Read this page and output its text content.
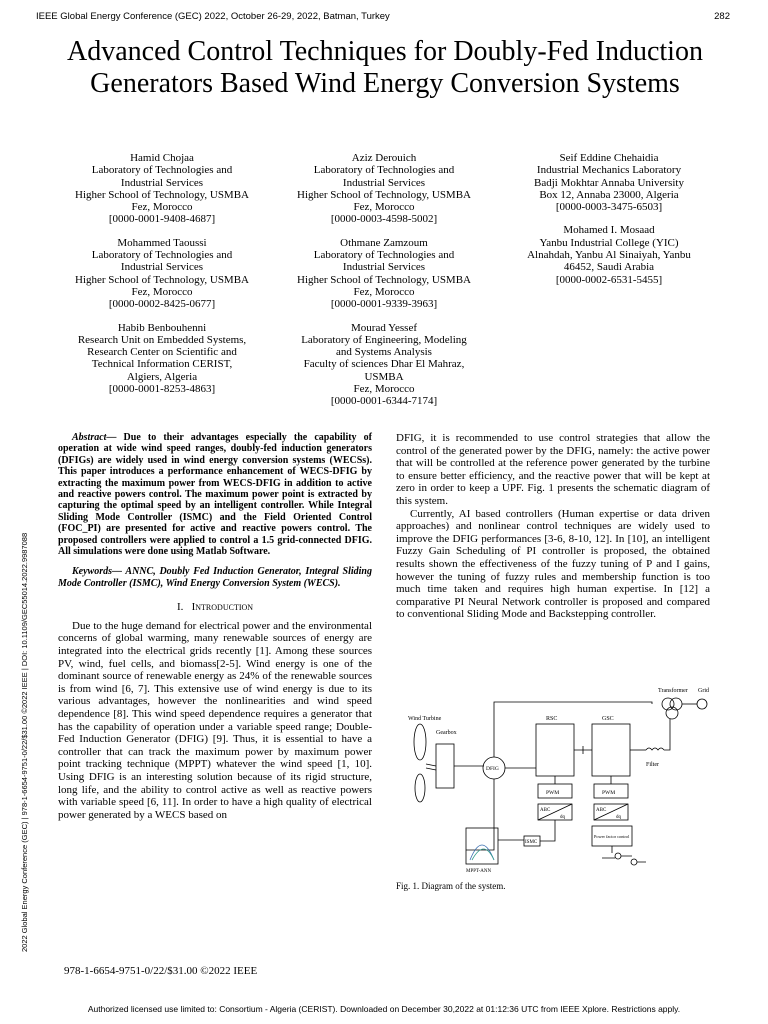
IEEE Global Energy Conference (GEC) 2022, October 26-29, 2022, Batman, Turkey	282
2022 Global Energy Conference (GEC) | 978-1-6654-9751-0/22/$31.00 ©2022 IEEE | DOI: 10.1109/GEC55014.2022.9987088
Advanced Control Techniques for Doubly-Fed Induction Generators Based Wind Energy Conversion Systems
Hamid Chojaa
Laboratory of Technologies and
Industrial Services
Higher School of Technology, USMBA
Fez, Morocco
[0000-0001-9408-4687]
Mohammed Taoussi
Laboratory of Technologies and
Industrial Services
Higher School of Technology, USMBA
Fez, Morocco
[0000-0002-8425-0677]
Habib Benbouhenni
Research Unit on Embedded Systems,
Research Center on Scientific and
Technical Information CERIST,
Algiers, Algeria
[0000-0001-8253-4863]
Aziz Derouich
Laboratory of Technologies and
Industrial Services
Higher School of Technology, USMBA
Fez, Morocco
[0000-0003-4598-5002]
Othmane Zamzoum
Laboratory of Technologies and
Industrial Services
Higher School of Technology, USMBA
Fez, Morocco
[0000-0001-9339-3963]
Mourad Yessef
Laboratory of Engineering, Modeling
and Systems Analysis
Faculty of sciences Dhar El Mahraz,
USMBA
Fez, Morocco
[0000-0001-6344-7174]
Seif Eddine Chehaidia
Industrial Mechanics Laboratory
Badji Mokhtar Annaba University
Box 12, Annaba 23000, Algeria
[0000-0003-3475-6503]
Mohamed I. Mosaad
Yanbu Industrial College (YIC)
Alnahdah, Yanbu Al Sinaiyah, Yanbu
46452, Saudi Arabia
[0000-0002-6531-5455]

Abstract— Due to their advantages especially the capability of operation at wide wind speed ranges, doubly-fed induction generators (DFIGs) are widely used in wind energy conversion systems (WECSs). This paper introduces a performance enhancement of WECS-DFIG by extracting the maximum power from WECS-DFIG in addition to active and reactive powers control. The maximum power point is extracted by capturing the optimal speed by an intelligent controller. While Integral Sliding Mode Controller (ISMC) and the Field Oriented Control (FOC_PI) are presented for active and reactive powers control. The proposed controllers were applied to control a 1.5 grid-connected DFIG. All simulations were done using Matlab Software.

Keywords— ANNC, Doubly Fed Induction Generator, Integral Sliding Mode Controller (ISMC), Wind Energy Conversion System (WECS).

I. Introduction

Due to the huge demand for electrical power and the environmental concerns of global warming, many renewable sources of energy are integrated into the electrical grids recently [1]. Among these sources PV, wind, fuel cells, and biomass[2-5]. Wind energy is one of the dominant source of renewable energy as 24% of the renewable sources is from wind [6, 7]. This extensive use of wind energy is due to its various advantages, however the nonlinearities and wind speed dependence [8]. This wind speed dependence requires a generator that has the capability of operation under a variable speed range; Double-Fed Induction Generator (DFIG) [9]. Thus, it is essential to have a controller that can track the maximum power by maximum power point tracking technique (MPPT) whatever the wind speed [1, 10]. Using DFIG is an interesting solution because of its rigid structure, long life, and the ability to control active as well as reactive powers with variable speed [6, 11]. In order to have a high quality of electrical power generated by a WECS based on

DFIG, it is recommended to use control strategies that allow the control of the generated power by the DFIG, namely: the active power that will be controlled at the reference power generated by the turbine to ensure better efficiency, and the reactive power that will be kept at zero in order to keep a UPF. Fig. 1 presents the schematic diagram of this system.

Currently, AI based controllers (Human expertise or data driven approaches) and nonlinear control techniques are widely used to improve the DFIG performances [3-6, 8-10, 12]. In [10], an intelligent Fuzzy Gain Scheduling of PI controller is proposed, the obtained results shown the effectiveness of the fuzzy tuning of P and I gains, however the tuning of fuzzy rules and membership function is too much time taken and requires high human expertise. In [12] a comparative PI Neural Network controller is proposed and compared to conventional Sliding Mode and Backstepping controller.

Transformer Grid
Wind Turbine
Gearbox
DFIG
RSC	GSC
Filter
PWM	PWM
ABC
dq
ABC
dq
Power factor control
ISMC
MPPT-ANN
Fig. 1. Diagram of the system.
978-1-6654-9751-0/22/$31.00 ©2022 IEEE
Authorized licensed use limited to: Consortium - Algeria (CERIST). Downloaded on December 30,2022 at 01:12:36 UTC from IEEE Xplore. Restrictions apply.
